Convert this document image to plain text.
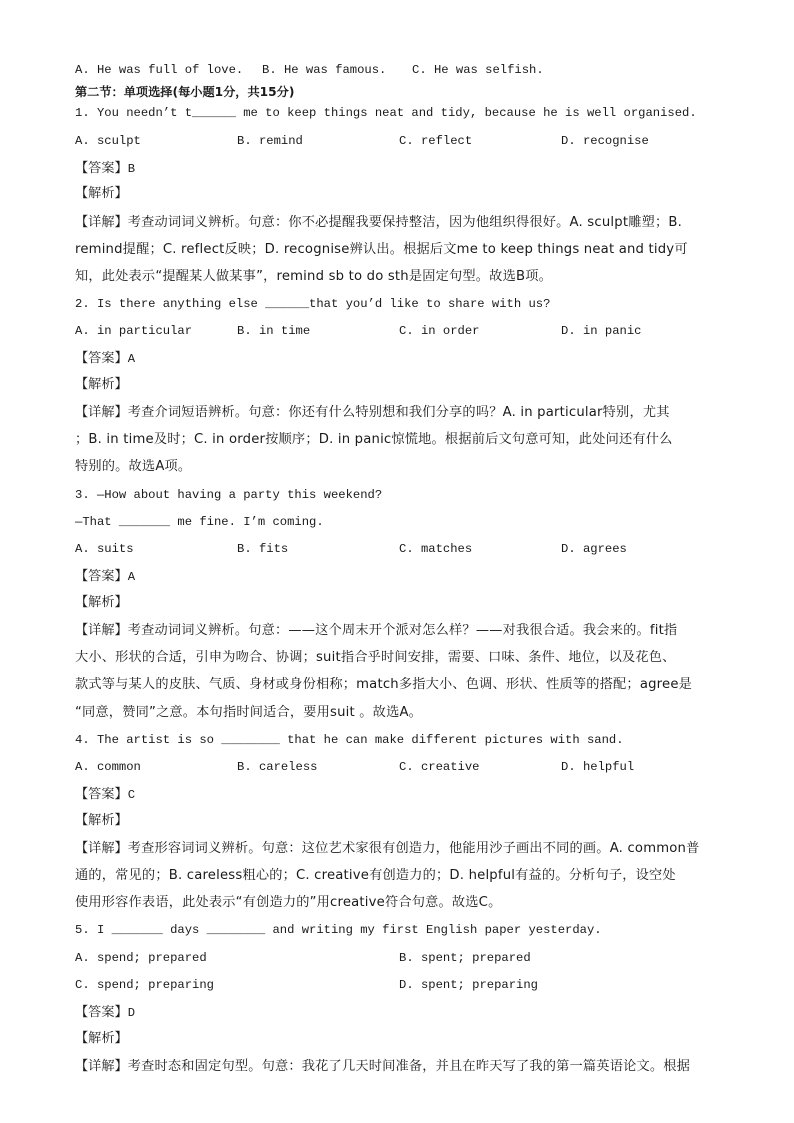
A. He was full of love. B. He was famous. C. He was selfish.
第二节：单项选择(每小题1分，共15分)
1. You needn’t t______ me to keep things neat and tidy, because he is well organised.
A. sculpt	B. remind	C. reflect	D. recognise
【答案】B
【解析】
【详解】考查动词词义辨析。句意：你不必提醒我要保持整洁，因为他组织得很好。A. sculpt雕塑；B.
remind提醒；C. reflect反映；D. recognise辨认出。根据后文me to keep things neat and tidy可
知，此处表示“提醒某人做某事”，remind sb to do sth是固定句型。故选B项。
2. Is there anything else ______that you’d like to share with us?
A. in particular	B. in time	C. in order	D. in panic
【答案】A
【解析】
【详解】考查介词短语辨析。句意：你还有什么特别想和我们分享的吗？A. in particular特别，尤其
；B. in time及时；C. in order按顺序；D. in panic惊慌地。根据前后文句意可知，此处问还有什么
特别的。故选A项。
3. —How about having a party this weekend?
—That _______ me fine. I’m coming.
A. suits	B. fits	C. matches	D. agrees
【答案】A
【解析】
【详解】考查动词词义辨析。句意：——这个周末开个派对怎么样？——对我很合适。我会来的。fit指
大小、形状的合适，引申为吻合、协调；suit指合乎时间安排，需要、口味、条件、地位，以及花色、
款式等与某人的皮肤、气质、身材或身份相称；match多指大小、色调、形状、性质等的搭配；agree是
“同意，赞同”之意。本句指时间适合，要用suit 。故选A。
4. The artist is so ________ that he can make different pictures with sand.
A. common	B. careless	C. creative	D. helpful
【答案】C
【解析】
【详解】考查形容词词义辨析。句意：这位艺术家很有创造力，他能用沙子画出不同的画。A. common普
通的，常见的；B. careless粗心的；C. creative有创造力的；D. helpful有益的。分析句子，设空处
使用形容作表语，此处表示“有创造力的”用creative符合句意。故选C。
5. I _______ days ________ and writing my first English paper yesterday.
A. spend; prepared	B. spent; prepared
C. spend; preparing	D. spent; preparing
【答案】D
【解析】
【详解】考查时态和固定句型。句意：我花了几天时间准备，并且在昨天写了我的第一篇英语论文。根据
